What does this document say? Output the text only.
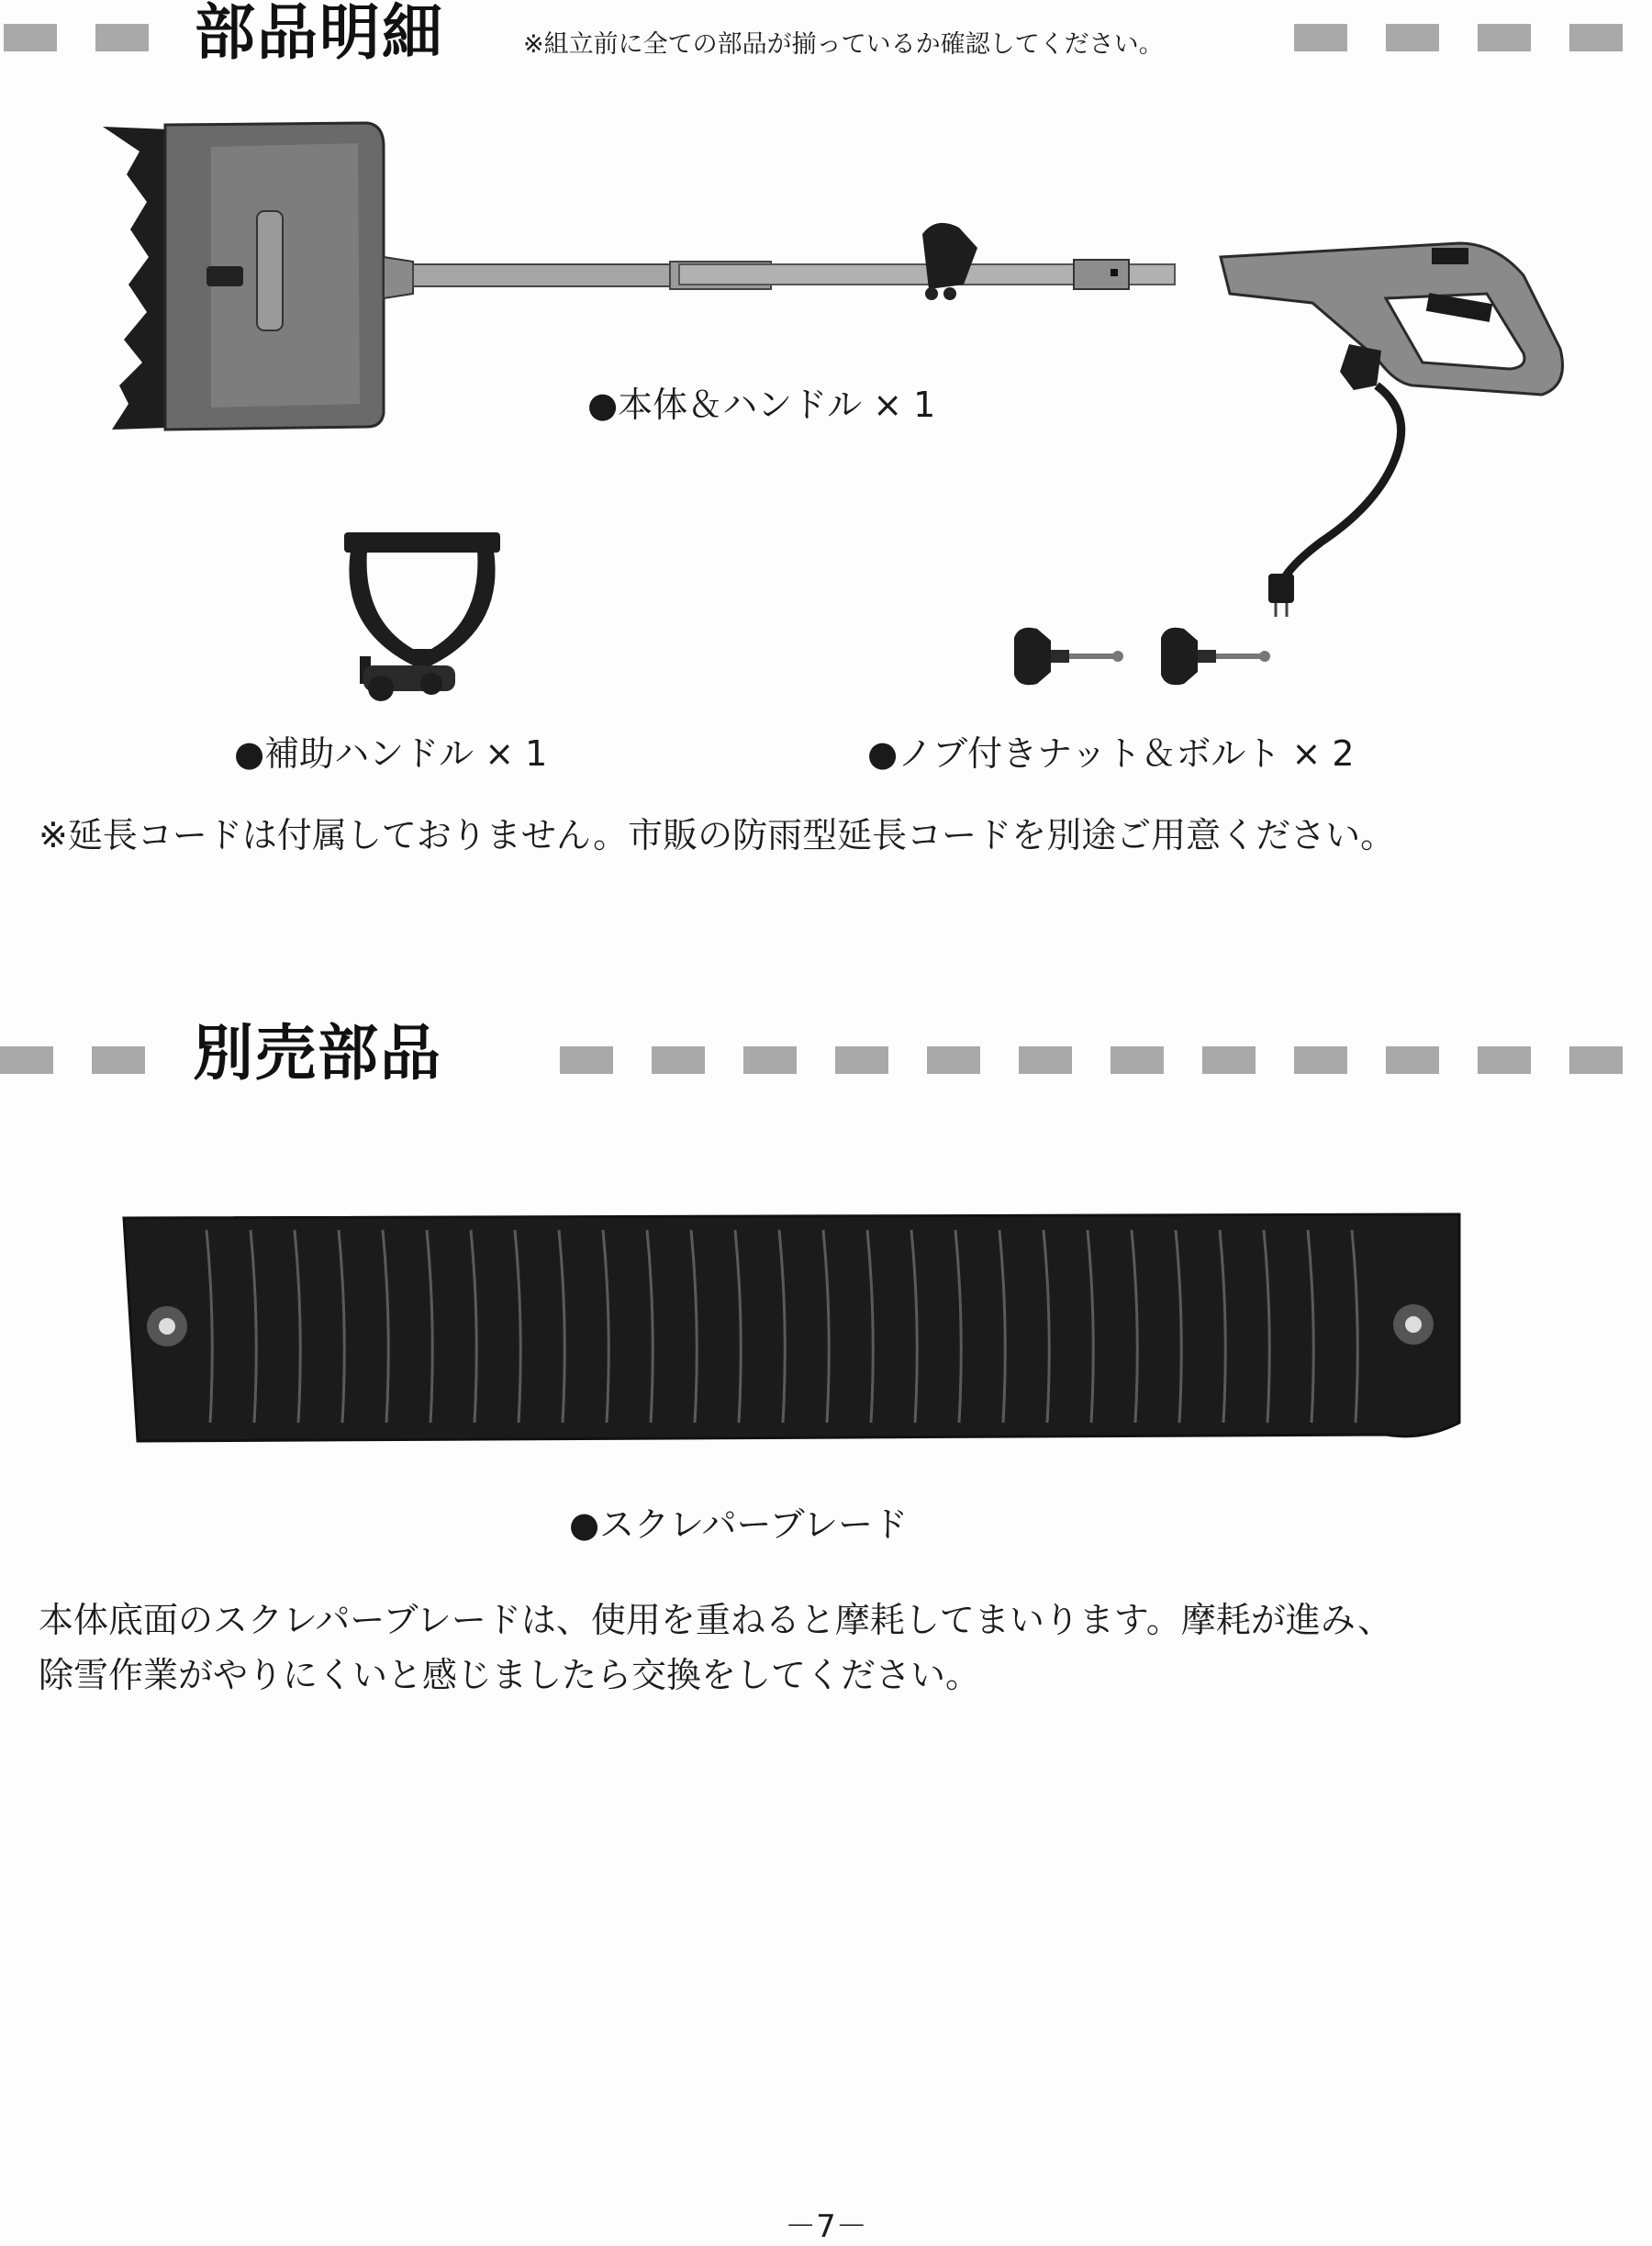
部品明細	※組立前に全ての部品が揃っているか確認してください。
●本体＆ハンドル × 1
●補助ハンドル × 1	●ノブ付きナット＆ボルト × 2
※延長コードは付属しておりません。市販の防雨型延長コードを別途ご用意ください。
別売部品
●スクレパーブレード
本体底面のスクレパーブレードは、使用を重ねると摩耗してまいります。摩耗が進み、
除雪作業がやりにくいと感じましたら交換をしてください。
－7－
